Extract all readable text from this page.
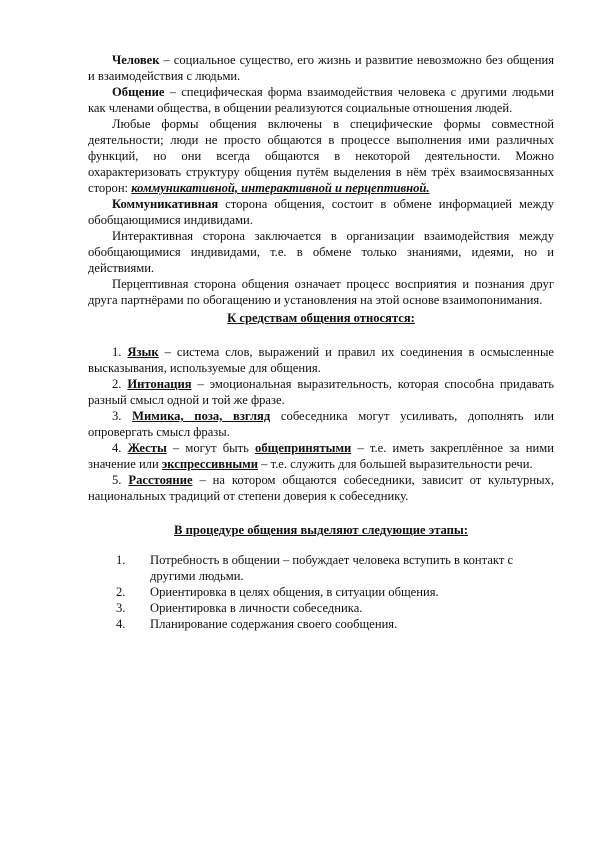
Человек – социальное существо, его жизнь и развитие невозможно без общения и взаимодействия с людьми.

Общение – специфическая форма взаимодействия человека с другими людьми как членами общества, в общении реализуются социальные отношения людей.

Любые формы общения включены в специфические формы совместной деятельности; люди не просто общаются в процессе выполнения ими различных функций, но они всегда общаются в некоторой деятельности. Можно охарактеризовать структуру общения путём выделения в нём трёх взаимосвязанных сторон: коммуникативной, интерактивной и перцептивной.

Коммуникативная сторона общения, состоит в обмене информацией между обобщающимися индивидами.

Интерактивная сторона заключается в организации взаимодействия между обобщающимися индивидами, т.е. в обмене только знаниями, идеями, но и действиями.

Перцептивная сторона общения означает процесс восприятия и познания друг друга партнёрами по обогащению и установления на этой основе взаимопонимания.

К средствам общения относятся:

1. Язык – система слов, выражений и правил их соединения в осмысленные высказывания, используемые для общения.

2. Интонация – эмоциональная выразительность, которая способна придавать разный смысл одной и той же фразе.

3. Мимика, поза, взгляд собеседника могут усиливать, дополнять или опровергать смысл фразы.

4. Жесты – могут быть общепринятыми – т.е. иметь закреплённое за ними значение или экспрессивными – т.е. служить для большей выразительности речи.

5. Расстояние – на котором общаются собеседники, зависит от культурных, национальных традиций от степени доверия к собеседнику.

В процедуре общения выделяют следующие этапы:
1.	Потребность в общении – побуждает человека вступить в контакт с другими людьми.
2.	Ориентировка в целях общения, в ситуации общения.
3.	Ориентировка в личности собеседника.
4.	Планирование содержания своего сообщения.
